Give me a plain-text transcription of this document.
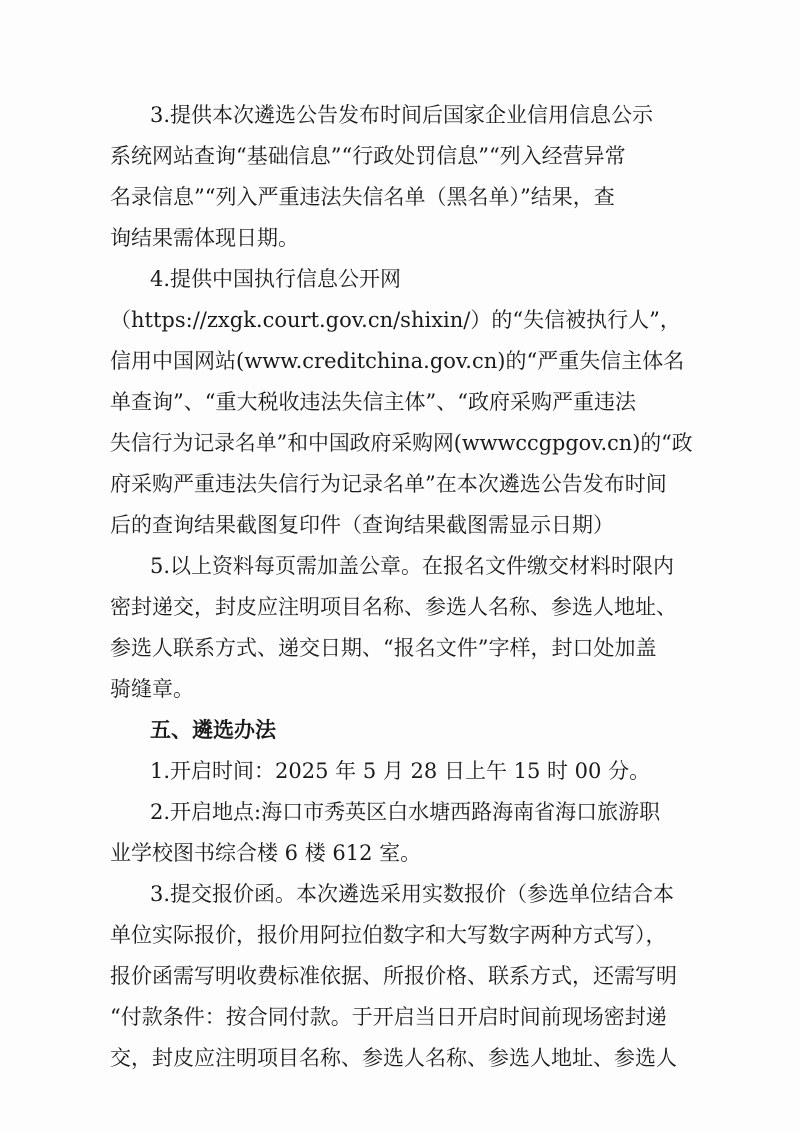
3.提供本次遴选公告发布时间后国家企业信用信息公示
系统网站查询“基础信息”“行政处罚信息”“列入经营异常
名录信息”“列入严重违法失信名单（黑名单）”结果，查
询结果需体现日期。
4.提供中国执行信息公开网
（https://zxgk.court.gov.cn/shixin/）的“失信被执行人”，
信用中国网站(www.creditchina.gov.cn)的“严重失信主体名
单查询”、“重大税收违法失信主体”、“政府采购严重违法
失信行为记录名单”和中国政府采购网(wwwccgpgov.cn)的“政
府采购严重违法失信行为记录名单”在本次遴选公告发布时间
后的查询结果截图复印件（查询结果截图需显示日期）
5.以上资料每页需加盖公章。在报名文件缴交材料时限内
密封递交，封皮应注明项目名称、参选人名称、参选人地址、
参选人联系方式、递交日期、“报名文件”字样，封口处加盖
骑缝章。
五、遴选办法
1.开启时间：2025 年 5 月 28 日上午 15 时 00 分。
2.开启地点:海口市秀英区白水塘西路海南省海口旅游职
业学校图书综合楼 6 楼 612 室。
3.提交报价函。本次遴选采用实数报价（参选单位结合本
单位实际报价，报价用阿拉伯数字和大写数字两种方式写），
报价函需写明收费标准依据、所报价格、联系方式，还需写明
“付款条件：按合同付款。于开启当日开启时间前现场密封递
交，封皮应注明项目名称、参选人名称、参选人地址、参选人
